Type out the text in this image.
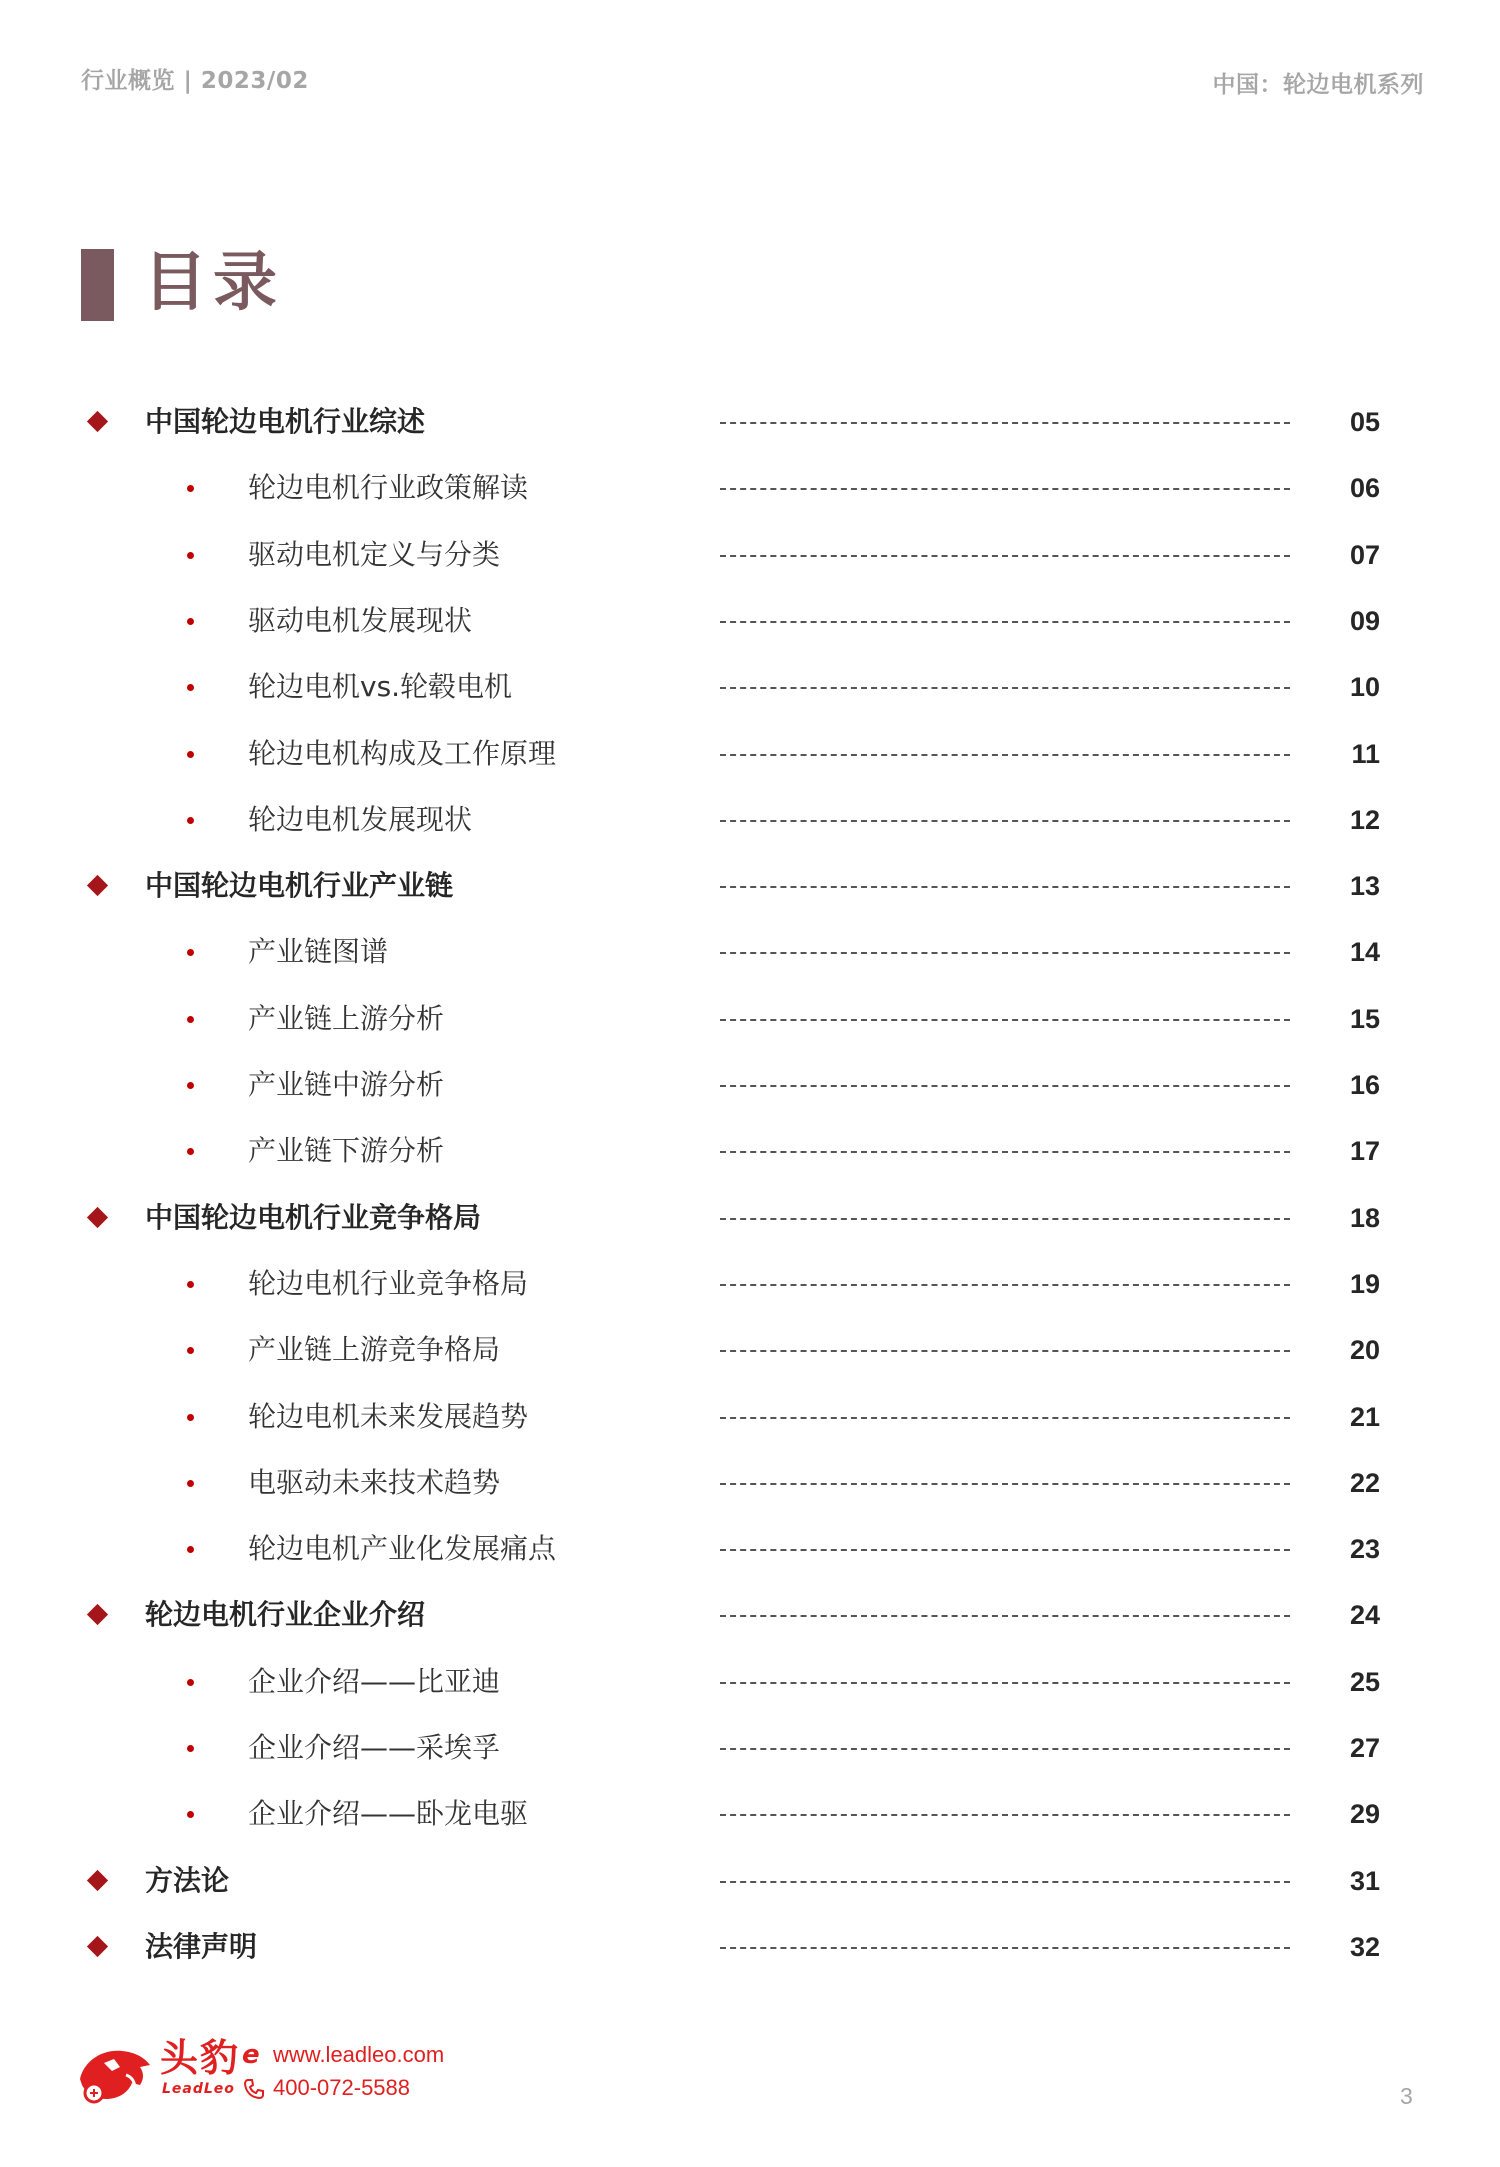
行业概览 | 2023/02	中国：轮边电机系列
目录
中国轮边电机行业综述	05
轮边电机行业政策解读	06
驱动电机定义与分类	07
驱动电机发展现状	09
轮边电机vs.轮毂电机	10
轮边电机构成及工作原理	11
轮边电机发展现状	12
中国轮边电机行业产业链	13
产业链图谱	14
产业链上游分析	15
产业链中游分析	16
产业链下游分析	17
中国轮边电机行业竞争格局	18
轮边电机行业竞争格局	19
产业链上游竞争格局	20
轮边电机未来发展趋势	21
电驱动未来技术趋势	22
轮边电机产业化发展痛点	23
轮边电机行业企业介绍	24
企业介绍——比亚迪	25
企业介绍——采埃孚	27
企业介绍——卧龙电驱	29
方法论	31
法律声明	32
头豹
LeadLeo
e www.leadleo.com
400-072-5588	3
